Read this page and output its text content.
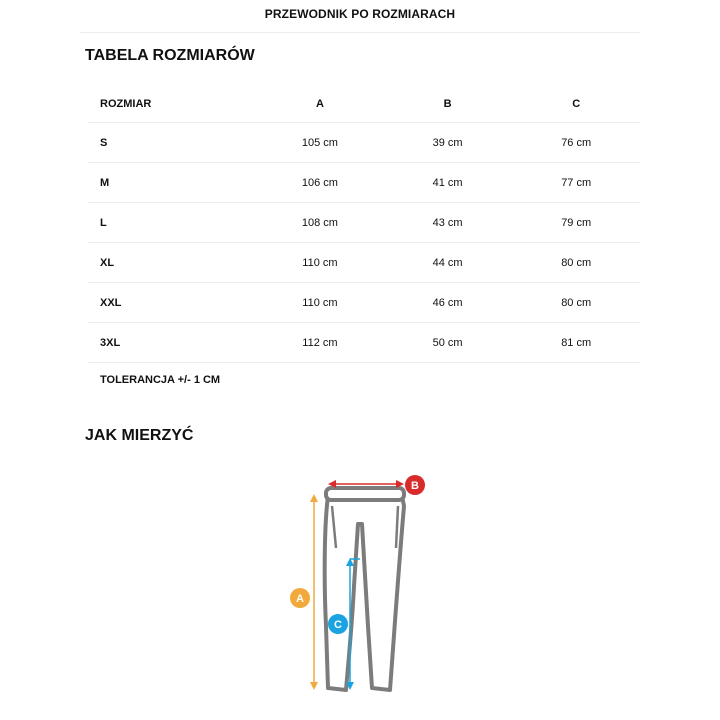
PRZEWODNIK PO ROZMIARACH
TABELA ROZMIARÓW
ROZMIAR	A	B	C
S	105 cm	39 cm	76 cm
M	106 cm	41 cm	77 cm
L	108 cm	43 cm	79 cm
XL	110 cm	44 cm	80 cm
XXL	110 cm	46 cm	80 cm
3XL	112 cm	50 cm	81 cm
TOLERANCJA +/- 1 CM
JAK MIERZYĆ
A
B
C
